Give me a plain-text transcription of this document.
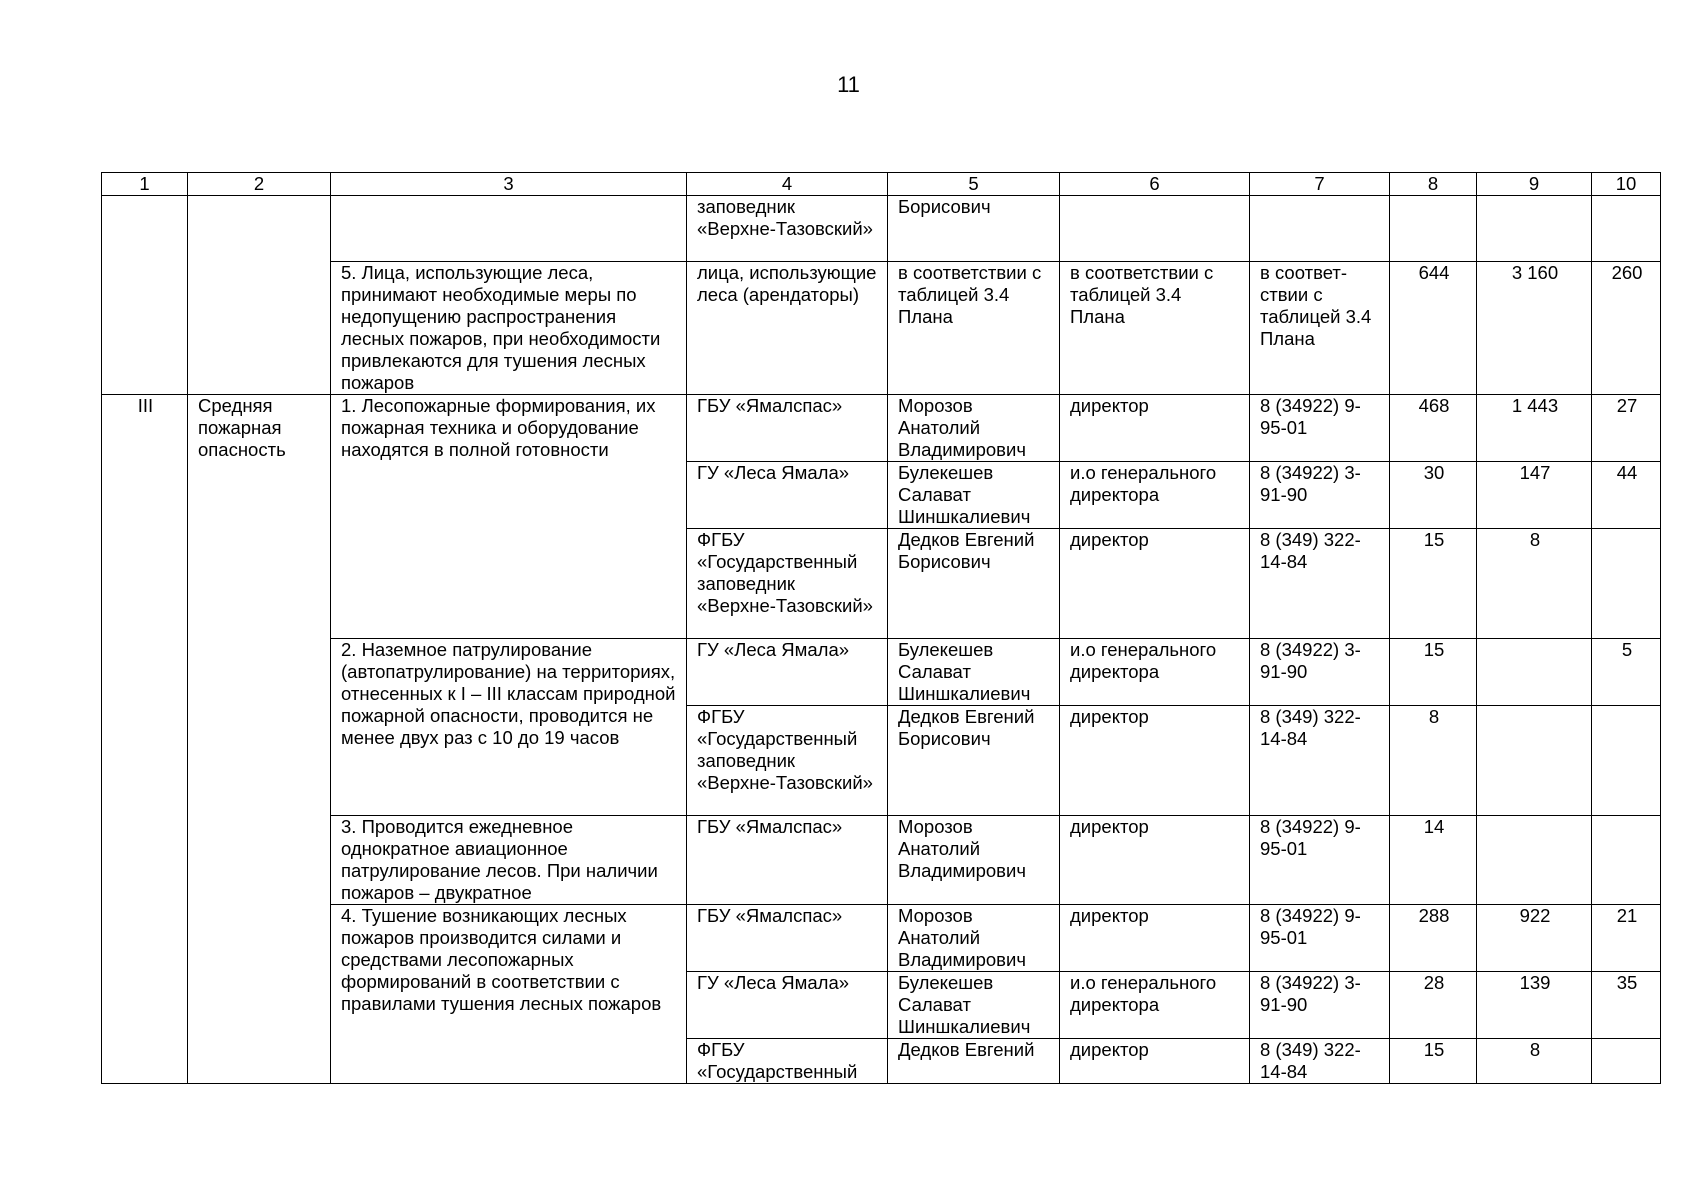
11
1	2	3	4	5	6	7	8	9	10
			заповедник «Верхне-Тазовский»	Борисович					
		5. Лица, использующие леса, принимают необходимые меры по недопущению распространения лесных пожаров, при необходимости привлекаются для тушения лесных пожаров	лица, использующие леса (арендаторы)	в соответствии с таблицей 3.4 Плана	в соответствии с таблицей 3.4 Плана	в соответ-ствии с таблицей 3.4 Плана	644	3 160	260
III	Средняя пожарная опасность	1. Лесопожарные формирования, их пожарная техника и оборудование находятся в полной готовности	ГБУ «Ямалспас»	Морозов Анатолий Владимирович	директор	8 (34922) 9-95-01	468	1 443	27
			ГУ «Леса Ямала»	Булекешев Салават Шиншкалиевич	и.о генерального директора	8 (34922) 3-91-90	30	147	44
			ФГБУ «Государственный заповедник «Верхне-Тазовский»	Дедков Евгений Борисович	директор	8 (349) 322-14-84	15	8	
		2. Наземное патрулирование (автопатрулирование) на территориях, отнесенных к I – III классам природной пожарной опасности, проводится не менее двух раз с 10 до 19 часов	ГУ «Леса Ямала»	Булекешев Салават Шиншкалиевич	и.о генерального директора	8 (34922) 3-91-90	15		5
			ФГБУ «Государственный заповедник «Верхне-Тазовский»	Дедков Евгений Борисович	директор	8 (349) 322-14-84	8		
		3. Проводится ежедневное однократное авиационное патрулирование лесов. При наличии пожаров – двукратное	ГБУ «Ямалспас»	Морозов Анатолий Владимирович	директор	8 (34922) 9-95-01	14		
		4. Тушение возникающих лесных пожаров производится силами и средствами лесопожарных формирований в соответствии с правилами тушения лесных пожаров	ГБУ «Ямалспас»	Морозов Анатолий Владимирович	директор	8 (34922) 9-95-01	288	922	21
			ГУ «Леса Ямала»	Булекешев Салават Шиншкалиевич	и.о генерального директора	8 (34922) 3-91-90	28	139	35
			ФГБУ «Государственный	Дедков Евгений	директор	8 (349) 322-14-84	15	8	
